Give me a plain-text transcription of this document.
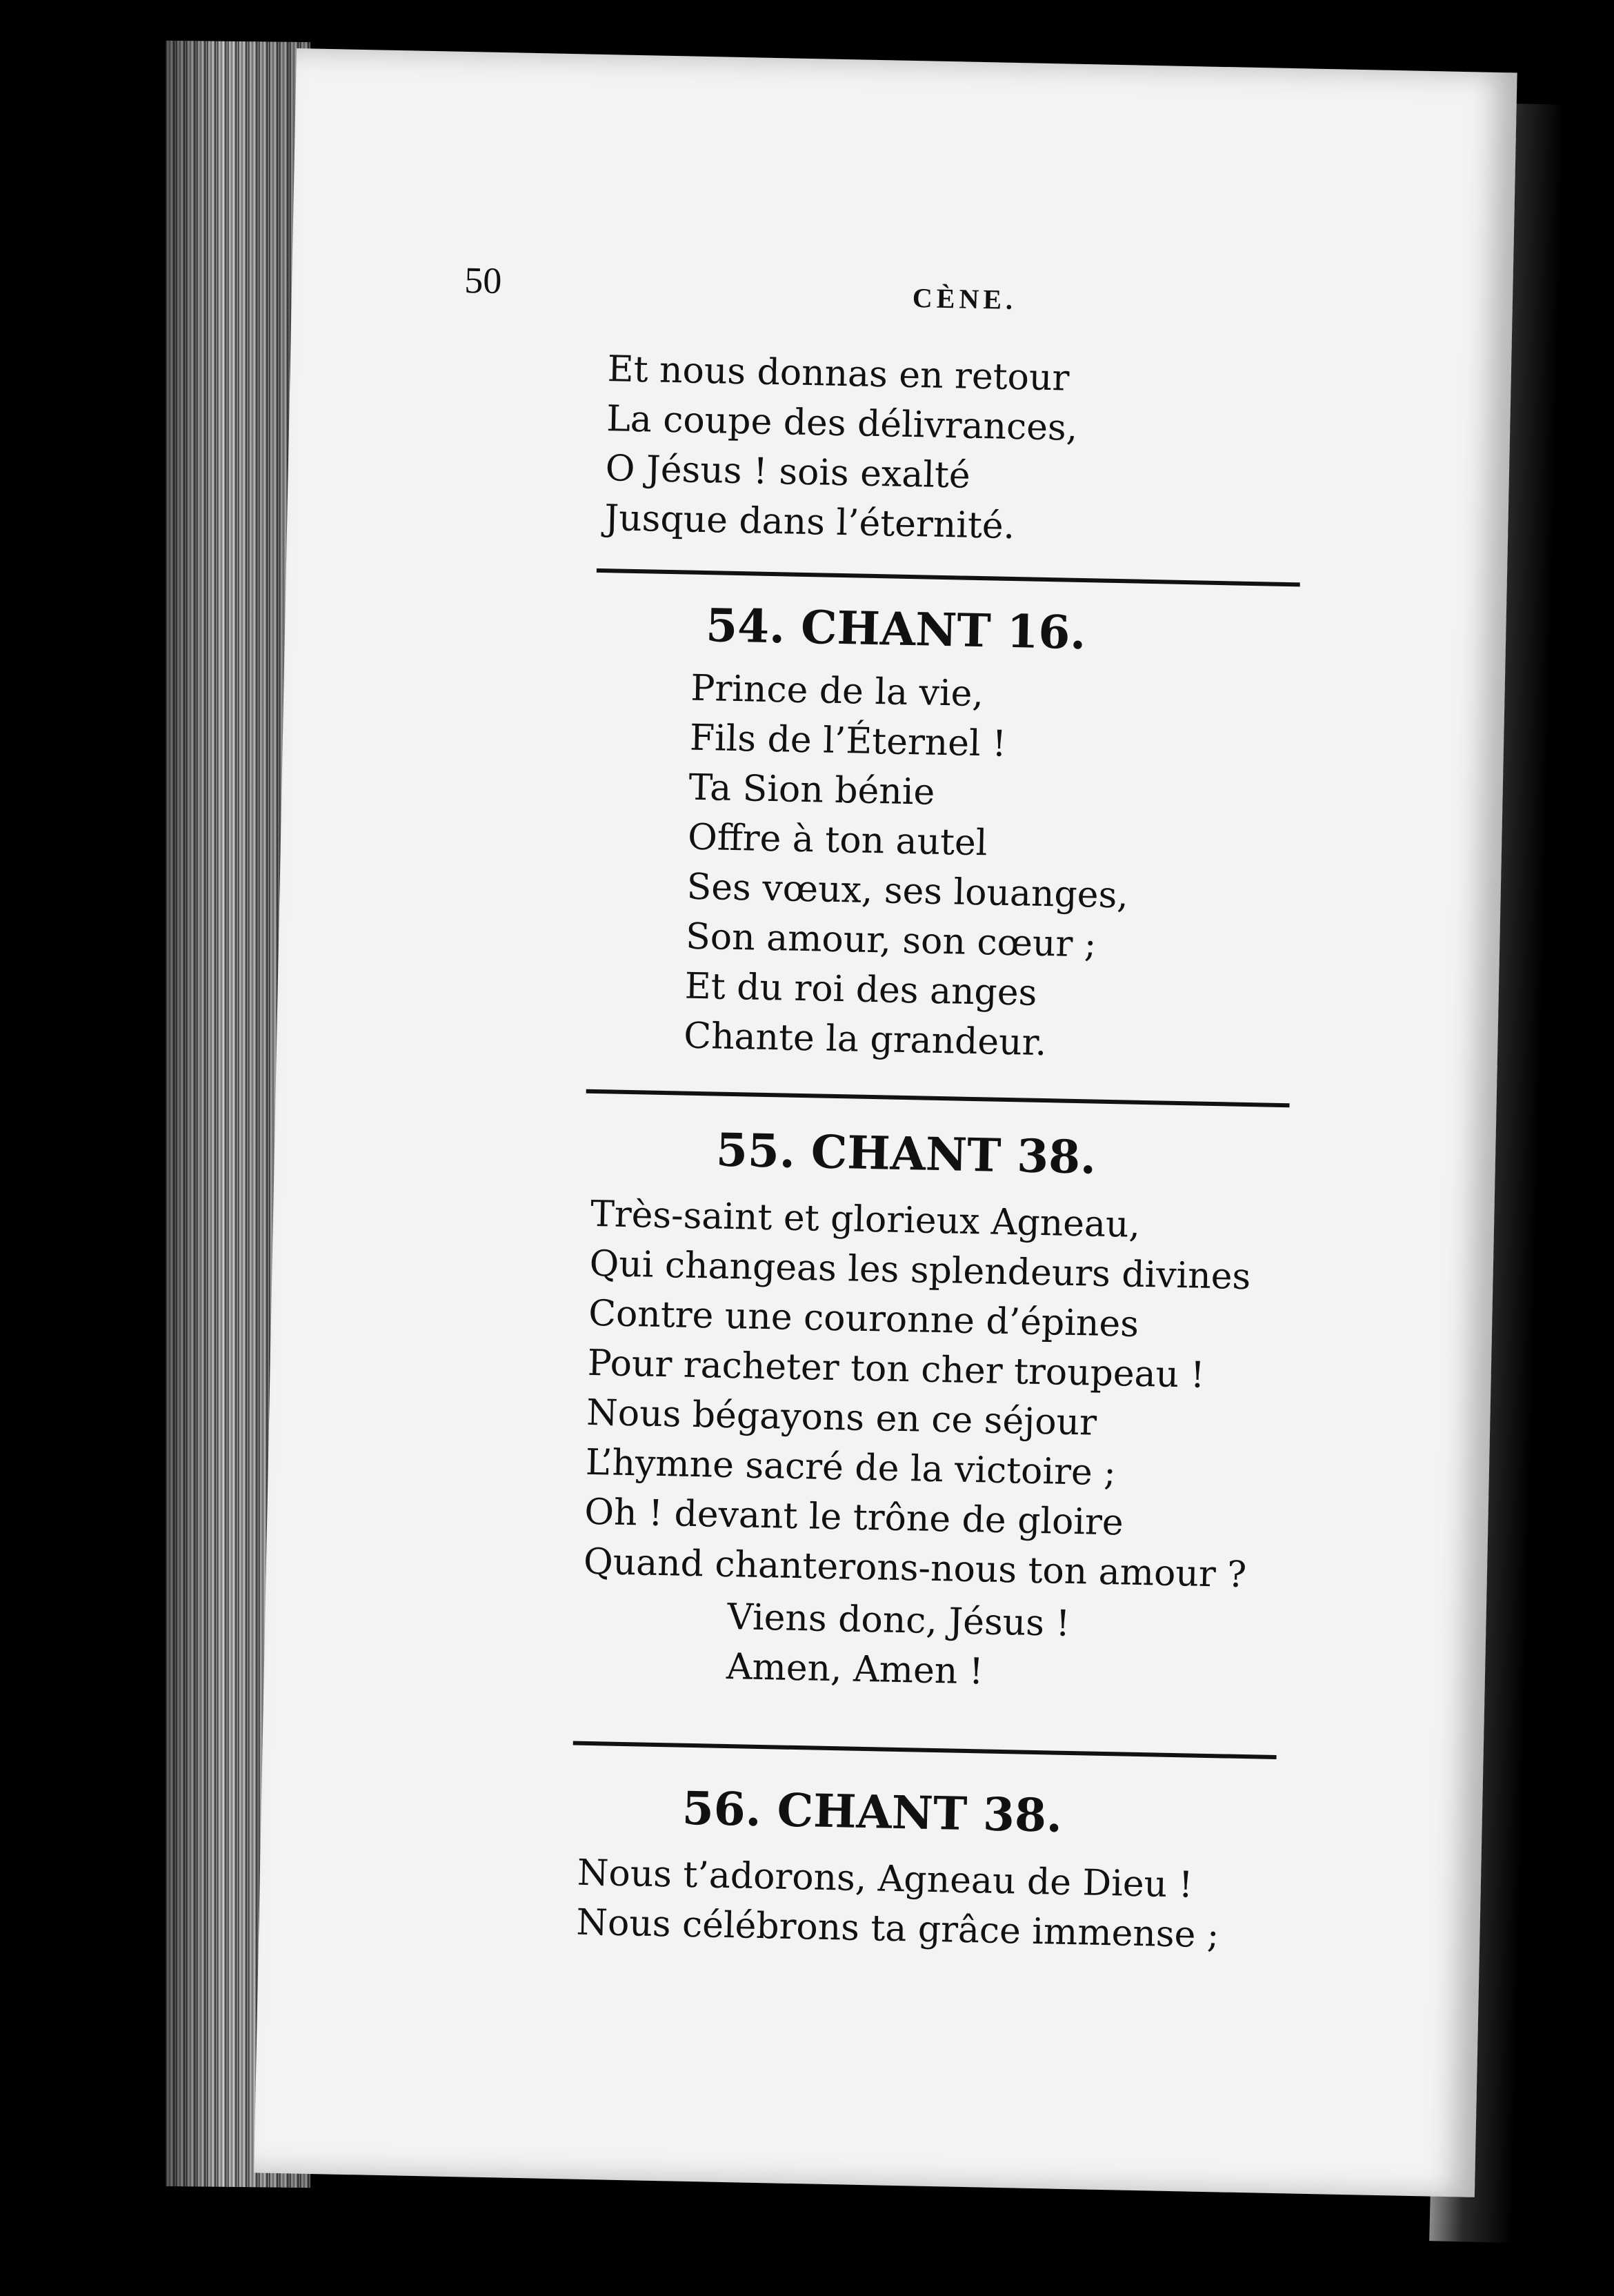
50	CÈNE.
Et nous donnas en retour
La coupe des délivrances,
O Jésus ! sois exalté
Jusque dans l’éternité.
54. CHANT 16.
Prince de la vie,
Fils de l’Éternel !
Ta Sion bénie
Offre à ton autel
Ses vœux, ses louanges,
Son amour, son cœur ;
Et du roi des anges
Chante la grandeur.
55. CHANT 38.
Très-saint et glorieux Agneau,
Qui changeas les splendeurs divines
Contre une couronne d’épines
Pour racheter ton cher troupeau !
Nous bégayons en ce séjour
L’hymne sacré de la victoire ;
Oh ! devant le trône de gloire
Quand chanterons-nous ton amour ?
Viens donc, Jésus !
Amen, Amen !
56. CHANT 38.
Nous t’adorons, Agneau de Dieu !
Nous célébrons ta grâce immense ;
